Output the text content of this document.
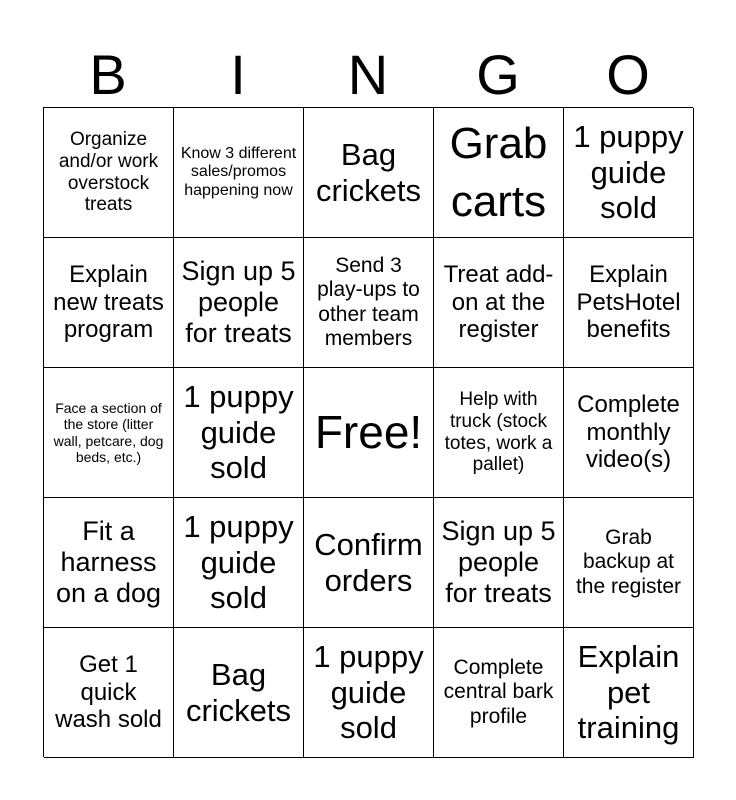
B	I	N	G	O
Organize and/or work overstock treats
Know 3 different sales/promos happening now
Bag crickets
Grab carts
1 puppy guide sold
Explain new treats program
Sign up 5 people for treats
Send 3 play-ups to other team members
Treat add-on at the register
Explain PetsHotel benefits
Face a section of the store (litter wall, petcare, dog beds, etc.)
1 puppy guide sold
Free!
Help with truck (stock totes, work a pallet)
Complete monthly video(s)
Fit a harness on a dog
1 puppy guide sold
Confirm orders
Sign up 5 people for treats
Grab backup at the register
Get 1 quick wash sold
Bag crickets
1 puppy guide sold
Complete central bark profile
Explain pet training
